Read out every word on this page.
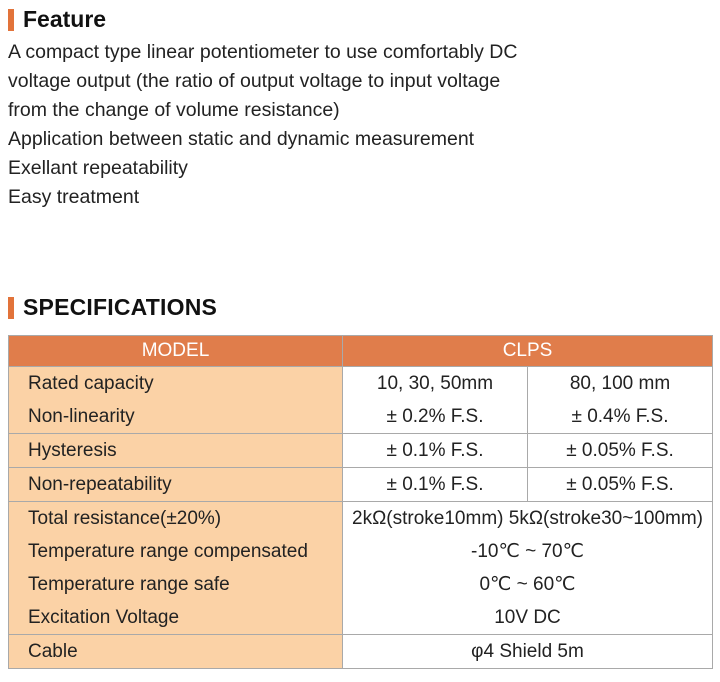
Feature
A compact type linear potentiometer to use comfortably DC
voltage output (the ratio of output voltage to input voltage
from the change of volume resistance)
Application between static and dynamic measurement
Exellant repeatability
Easy treatment
SPECIFICATIONS
MODEL	CLPS	
Rated capacity	10, 30, 50mm	80, 100 mm
Non-linearity	± 0.2% F.S.	± 0.4% F.S.
Hysteresis	± 0.1% F.S.	± 0.05% F.S.
Non-repeatability	± 0.1% F.S.	± 0.05% F.S.
Total resistance(±20%)	2kΩ(stroke10mm) 5kΩ(stroke30~100mm)	
Temperature range compensated	-10℃ ~ 70℃	
Temperature range safe	0℃ ~ 60℃	
Excitation Voltage	10V DC	
Cable	φ4 Shield 5m	
